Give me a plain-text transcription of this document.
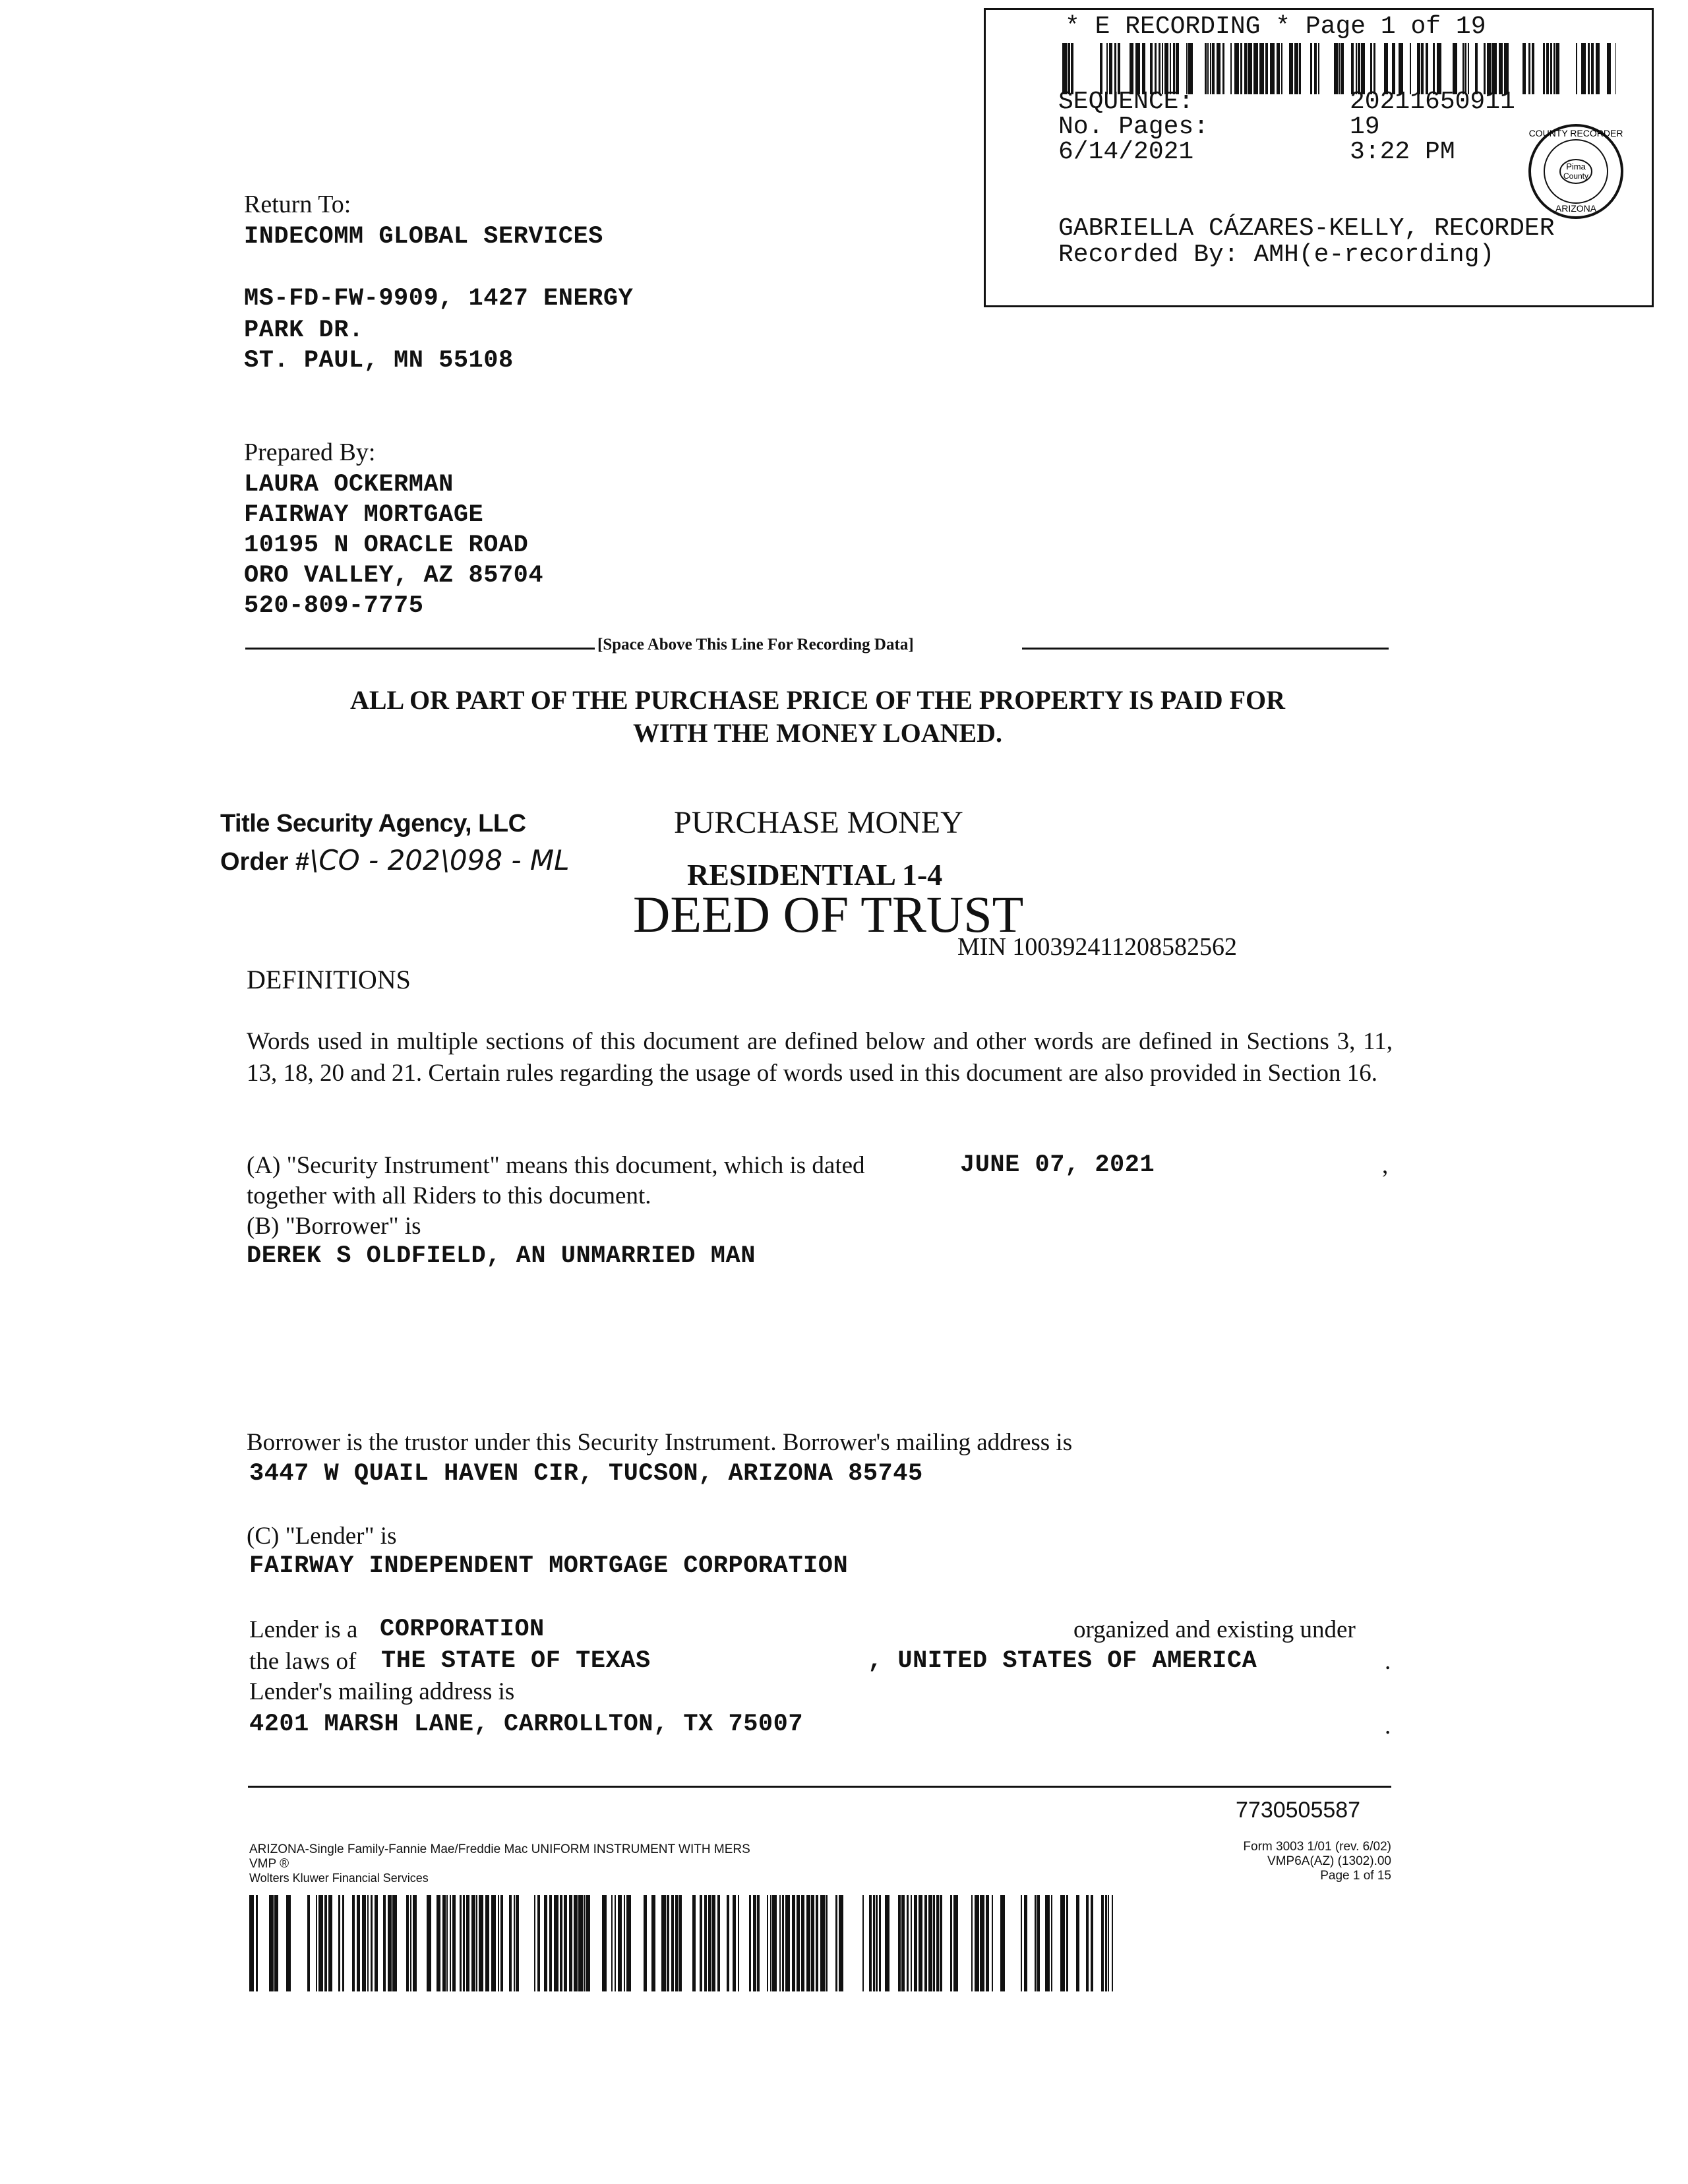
* E RECORDING * Page 1 of 19
SEQUENCE:	20211650911
No. Pages:	19
6/14/2021	3:22 PM
GABRIELLA CÁZARES-KELLY, RECORDER
Recorded By: AMH(e-recording)
Pima
County
COUNTY RECORDER
ARIZONA
Return To:
INDECOMM GLOBAL SERVICES
MS-FD-FW-9909, 1427 ENERGY
PARK DR.
ST. PAUL, MN 55108
Prepared By:
LAURA OCKERMAN
FAIRWAY MORTGAGE
10195 N ORACLE ROAD
ORO VALLEY, AZ 85704
520-809-7775
[Space Above This Line For Recording Data]
ALL OR PART OF THE PURCHASE PRICE OF THE PROPERTY IS PAID FOR
WITH THE MONEY LOANED.
Title Security Agency, LLC
Order #\CO - 202\098 - ML
PURCHASE MONEY
RESIDENTIAL 1-4
DEED OF TRUST
MIN 100392411208582562
DEFINITIONS
Words used in multiple sections of this document are defined below and other words are defined in Sections 3, 11, 13, 18, 20 and 21. Certain rules regarding the usage of words used in this document are also provided in Section 16.
(A) "Security Instrument" means this document, which is dated	JUNE 07, 2021	,
together with all Riders to this document.
(B) "Borrower" is
DEREK S OLDFIELD, AN UNMARRIED MAN
Borrower is the trustor under this Security Instrument. Borrower's mailing address is
3447 W QUAIL HAVEN CIR, TUCSON, ARIZONA 85745
(C) "Lender" is
FAIRWAY INDEPENDENT MORTGAGE CORPORATION
Lender is a CORPORATION	organized and existing under
the laws of THE STATE OF TEXAS	, UNITED STATES OF AMERICA	.
Lender's mailing address is
4201 MARSH LANE, CARROLLTON, TX 75007	.
7730505587
ARIZONA-Single Family-Fannie Mae/Freddie Mac UNIFORM INSTRUMENT WITH MERS
VMP ®
Wolters Kluwer Financial Services
Form 3003 1/01 (rev. 6/02)
VMP6A(AZ) (1302).00
Page 1 of 15
